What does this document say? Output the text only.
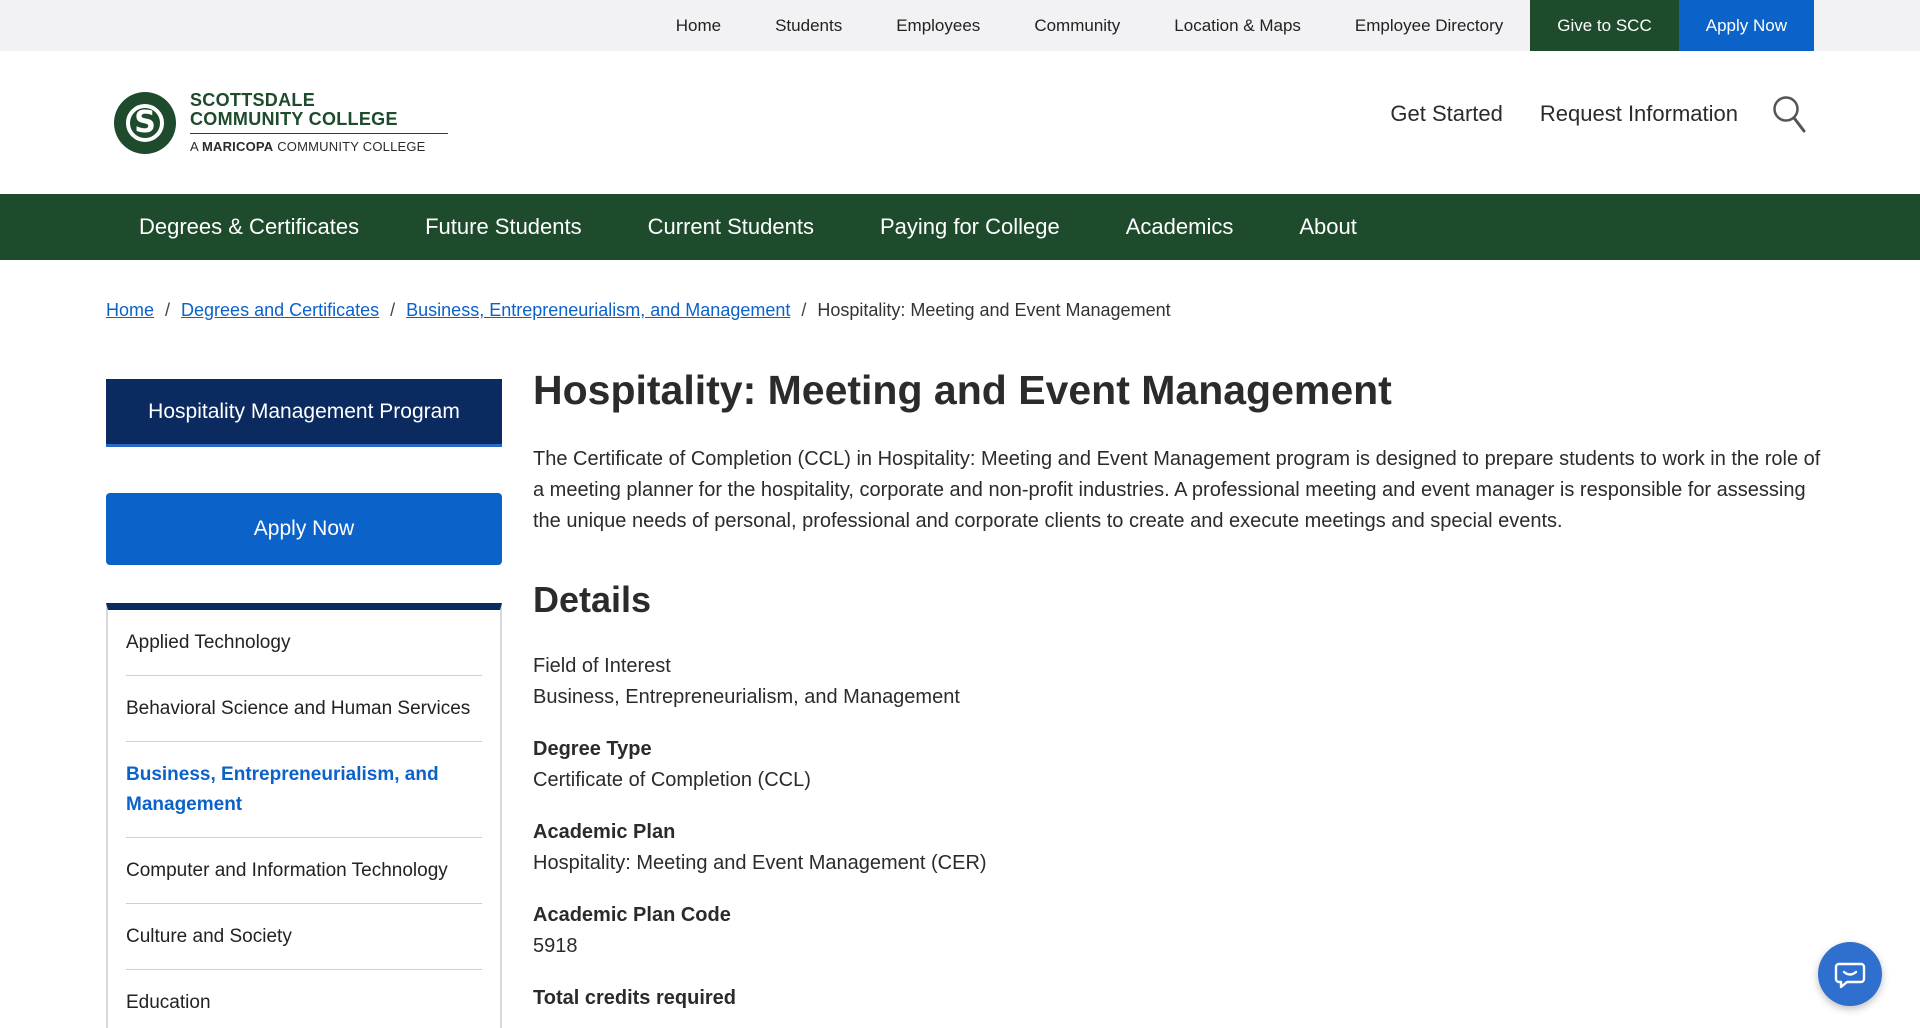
Home	Students	Employees	Community	Location & Maps	Employee Directory	Give to SCC	Apply Now
S
SCOTTSDALE
COMMUNITY COLLEGE
A MARICOPA COMMUNITY COLLEGE
Get Started Request Information
Degrees & Certificates	Future Students	Current Students	Paying for College	Academics	About
Home / Degrees and Certificates / Business, Entrepreneurialism, and Management / Hospitality: Meeting and Event Management
Hospitality Management Program
Apply Now
Applied Technology
Behavioral Science and Human Services
Business, Entrepreneurialism, and Management
Computer and Information Technology
Culture and Society
Education
Hospitality: Meeting and Event Management

The Certificate of Completion (CCL) in Hospitality: Meeting and Event Management program is designed to prepare students to work in the role of a meeting planner for the hospitality, corporate and non-profit industries. A professional meeting and event manager is responsible for assessing the unique needs of personal, professional and corporate clients to create and execute meetings and special events.

Details
Field of Interest
Business, Entrepreneurialism, and Management
Degree Type
Certificate of Completion (CCL)
Academic Plan
Hospitality: Meeting and Event Management (CER)
Academic Plan Code
5918
Total credits required
